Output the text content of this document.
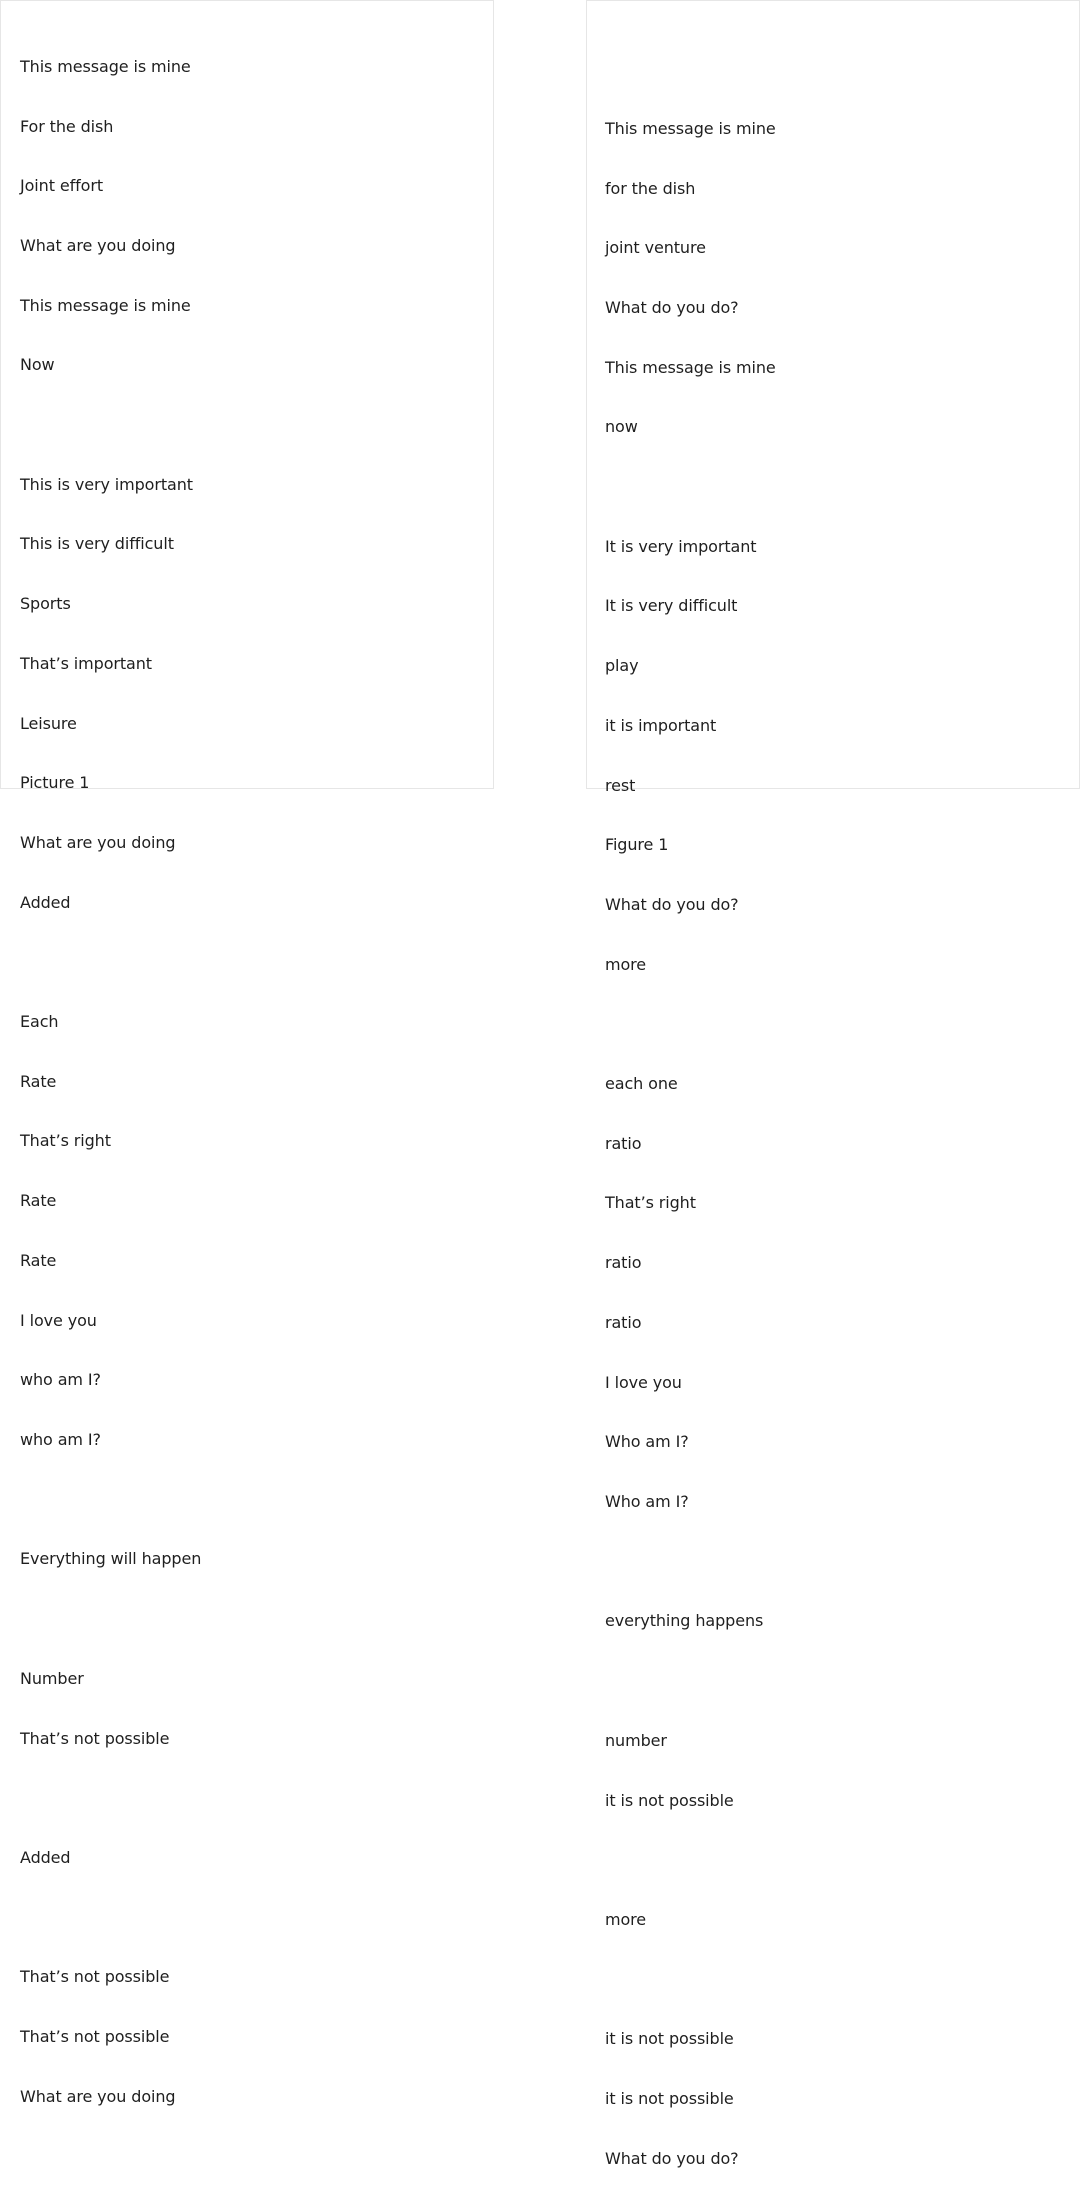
This message is mine

For the dish

Joint effort

What are you doing

This message is mine

Now

This is very important

This is very difficult

Sports

That’s important

Leisure

Picture 1

What are you doing

Added

Each

Rate

That’s right

Rate

Rate

I love you

who am I?

who am I?

Everything will happen

Number

That’s not possible

Added

That’s not possible

That’s not possible

What are you doing

This message is mine

for the dish

joint venture

What do you do?

This message is mine

now

It is very important

It is very difficult

play

it is important

rest

Figure 1

What do you do?

more

each one

ratio

That’s right

ratio

ratio

I love you

Who am I?

Who am I?

everything happens

number

it is not possible

more

it is not possible

it is not possible

What do you do?
